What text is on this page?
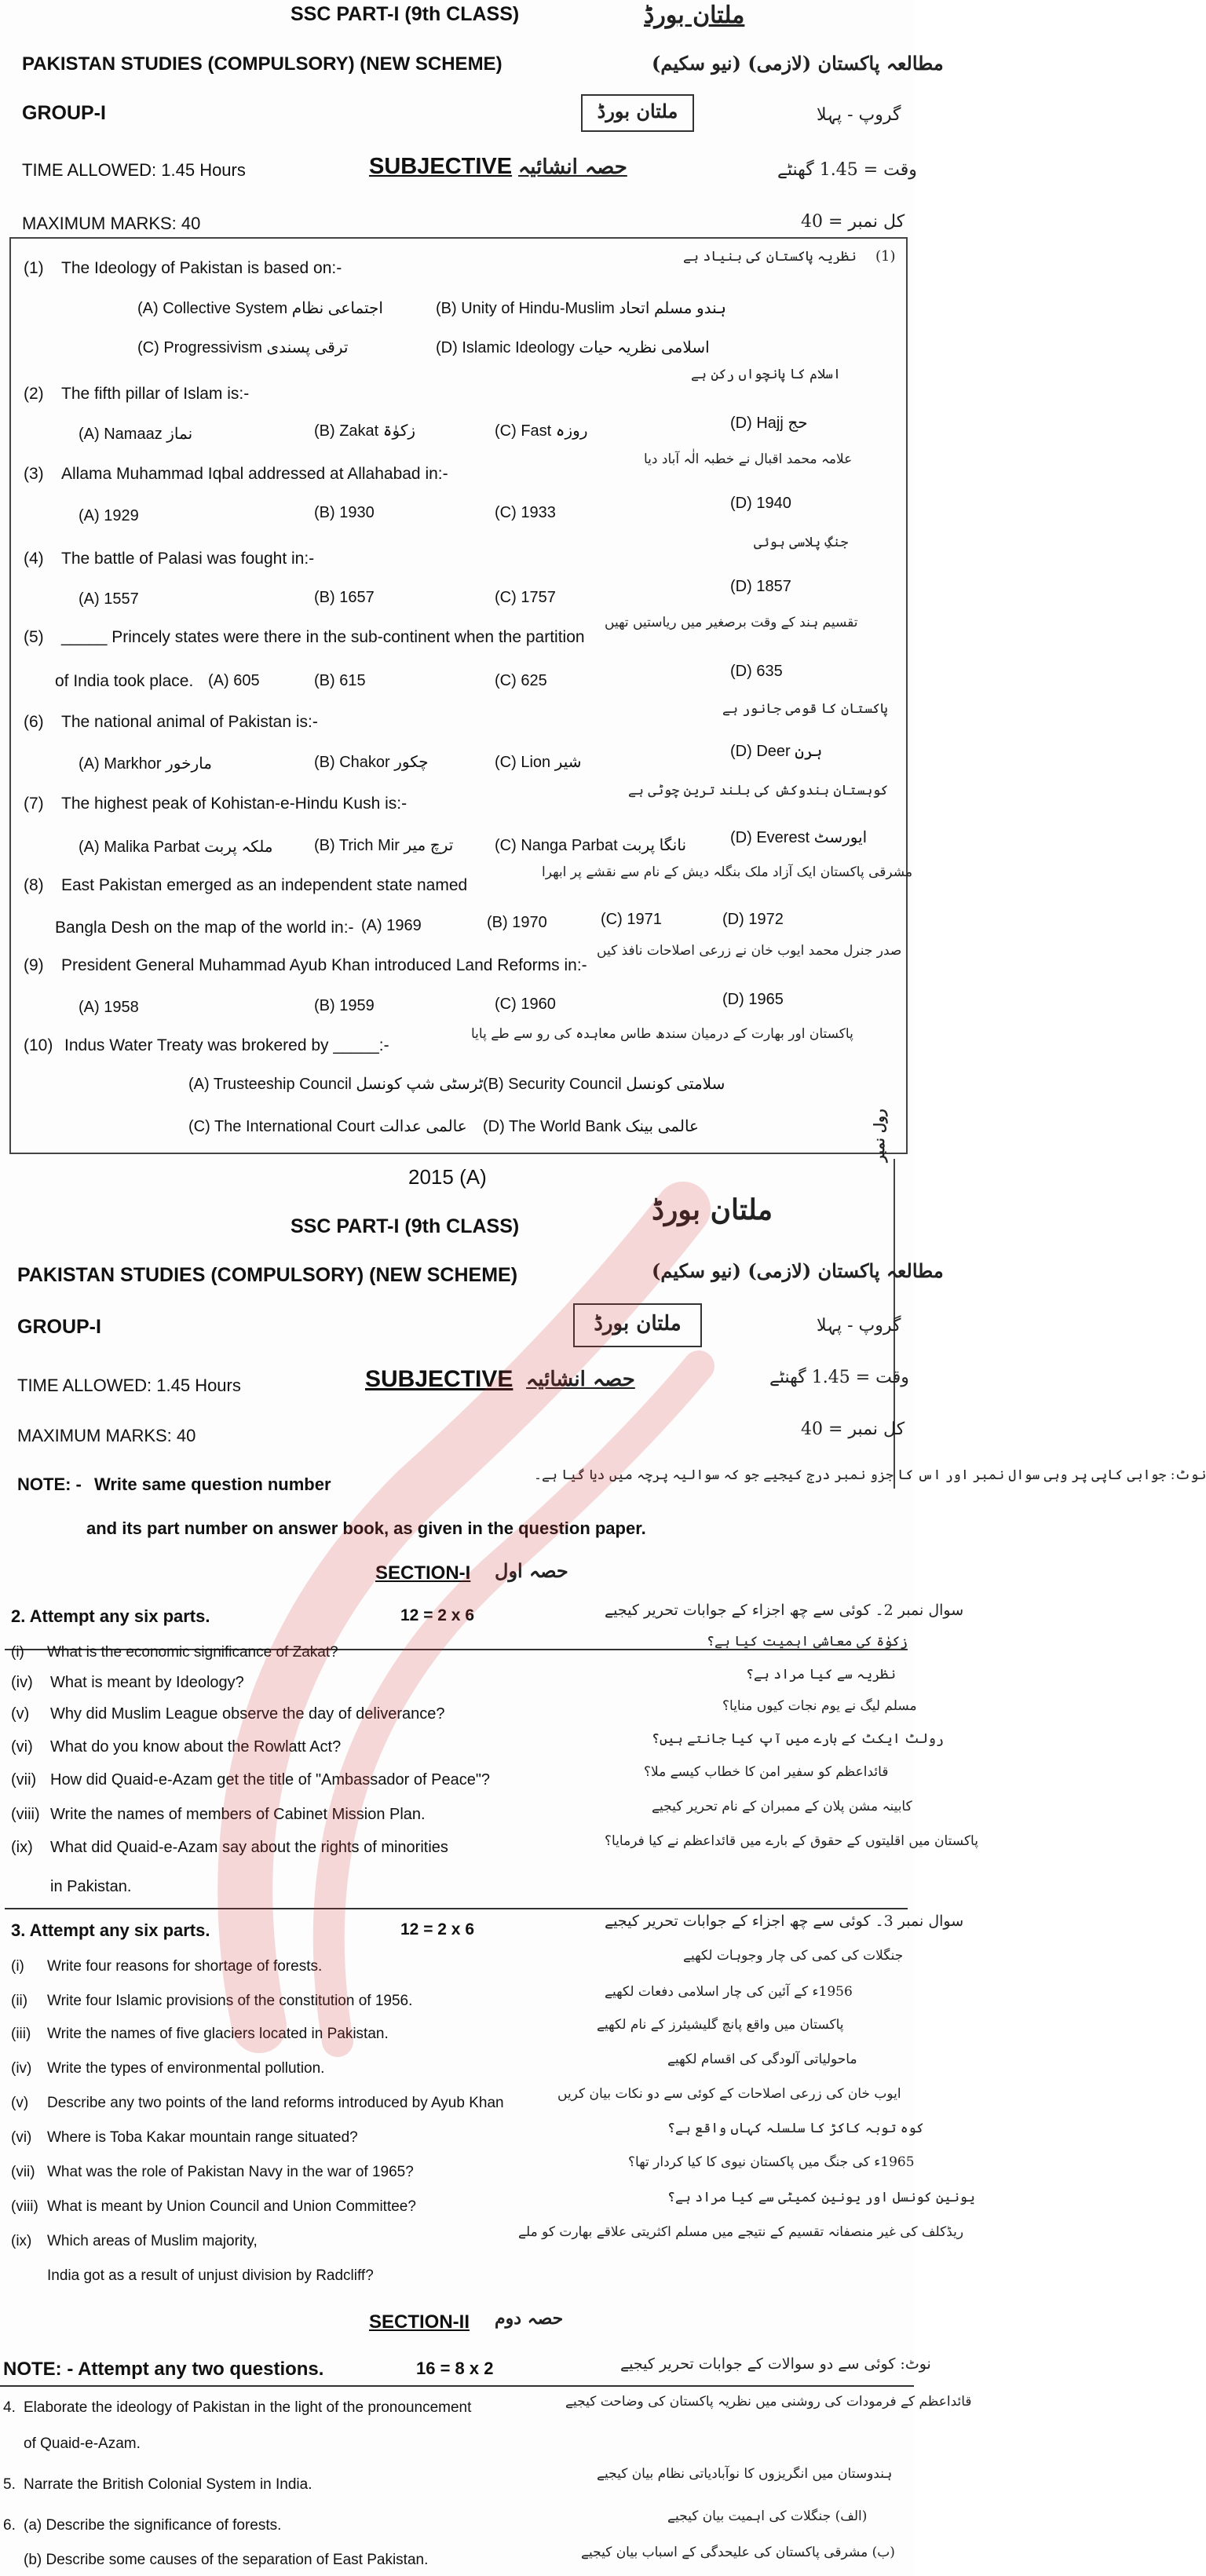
SSC PART-I (9th CLASS)	ملتان بورڈ
PAKISTAN STUDIES (COMPULSORY) (NEW SCHEME)	مطالعہ پاکستان (لازمی) (نیو سکیم)
GROUP-I	ملتان بورڈ	گروپ - پہلا
TIME ALLOWED: 1.45 Hours	SUBJECTIVE حصہ انشائیہ	وقت = 1.45 گھنٹے
MAXIMUM MARKS: 40	کل نمبر = 40
(1) The Ideology of Pakistan is based on:-
نظریہ پاکستان کی بنیاد ہے (1)
(A) Collective System اجتماعی نظام	(B) Unity of Hindu-Muslim ہندو مسلم اتحاد
(C) Progressivism ترقی پسندی	(D) Islamic Ideology اسلامی نظریہ حیات
(2) The fifth pillar of Islam is:-
اسلام کا پانچواں رکن ہے
(A) Namaaz نماز	(B) Zakat زکوٰۃ	(C) Fast روزہ	(D) Hajj حج
(3) Allama Muhammad Iqbal addressed at Allahabad in:-
علامہ محمد اقبال نے خطبہ الٰہ آباد دیا
(A) 1929	(B) 1930	(C) 1933
(D) 1940
(4) The battle of Palasi was fought in:-
جنگِ پلاسی ہوئی
(A) 1557	(B) 1657	(C) 1757
(D) 1857
(5) _____ Princely states were there in the sub-continent when the partition
تقسیم ہند کے وقت برصغیر میں ریاستیں تھیں
of India took place. (A) 605	(B) 615	(C) 625
(D) 635
(6) The national animal of Pakistan is:-
پاکستان کا قومی جانور ہے
(A) Markhor مارخور	(B) Chakor چکور	(C) Lion شیر
(D) Deer ہرن
(7) The highest peak of Kohistan-e-Hindu Kush is:-
کوہستان ہندوکش کی بلند ترین چوٹی ہے
(A) Malika Parbat ملکہ پربت	(B) Trich Mir ترچ میر	(C) Nanga Parbat نانگا پربت	(D) Everest ایورسٹ
(8) East Pakistan emerged as an independent state named
مشرقی پاکستان ایک آزاد ملک بنگلہ دیش کے نام سے نقشے پر ابھرا
Bangla Desh on the map of the world in:- (A) 1969	(B) 1970	(C) 1971	(D) 1972
(9) President General Muhammad Ayub Khan introduced Land Reforms in:-
صدر جنرل محمد ایوب خان نے زرعی اصلاحات نافذ کیں
(A) 1958	(B) 1959	(C) 1960	(D) 1965
(10) Indus Water Treaty was brokered by _____:-
پاکستان اور بھارت کے درمیان سندھ طاس معاہدہ کی رو سے طے پایا
(A) Trusteeship Council ٹرسٹی شپ کونسل (B) Security Council سلامتی کونسل
(C) The International Court عالمی عدالت (D) The World Bank عالمی بینک	رول نمبر
2015 (A)
SSC PART-I (9th CLASS)	ملتان بورڈ
PAKISTAN STUDIES (COMPULSORY) (NEW SCHEME)	مطالعہ پاکستان (لازمی) (نیو سکیم)
GROUP-I	ملتان بورڈ	گروپ - پہلا
TIME ALLOWED: 1.45 Hours	SUBJECTIVE حصہ انشائیہ	وقت = 1.45 گھنٹے
MAXIMUM MARKS: 40	کل نمبر = 40
NOTE: - Write same question number	نوٹ: جوابی کاپی پر وہی سوال نمبر اور اس کا جزو نمبر درج کیجیے جو کہ سوالیہ پرچہ میں دیا گیا ہے۔
and its part number on answer book, as given in the question paper.
SECTION-I حصہ اول
2. Attempt any six parts.	12 = 2 x 6	سوال نمبر 2۔ کوئی سے چھ اجزاء کے جوابات تحریر کیجیے
(i) What is the economic significance of Zakat?
زکوٰۃ کی معاشی اہمیت کیا ہے؟
(iv) What is meant by Ideology?	نظریہ سے کیا مراد ہے؟
(v) Why did Muslim League observe the day of deliverance?	مسلم لیگ نے یوم نجات کیوں منایا؟
(vi) What do you know about the Rowlatt Act?	رولٹ ایکٹ کے بارے میں آپ کیا جانتے ہیں؟
(vii) How did Quaid-e-Azam get the title of "Ambassador of Peace"?	قائداعظم کو سفیر امن کا خطاب کیسے ملا؟
(viii) Write the names of members of Cabinet Mission Plan.	کابینہ مشن پلان کے ممبران کے نام تحریر کیجیے
(ix) What did Quaid-e-Azam say about the rights of minorities
in Pakistan.
پاکستان میں اقلیتوں کے حقوق کے بارے میں قائداعظم نے کیا فرمایا؟
3. Attempt any six parts.	12 = 2 x 6	سوال نمبر 3۔ کوئی سے چھ اجزاء کے جوابات تحریر کیجیے
(i) Write four reasons for shortage of forests.
جنگلات کی کمی کی چار وجوہات لکھیے
(ii) Write four Islamic provisions of the constitution of 1956.
1956ء کے آئین کی چار اسلامی دفعات لکھیے
(iii) Write the names of five glaciers located in Pakistan.
پاکستان میں واقع پانچ گلیشیئرز کے نام لکھیے
(iv) Write the types of environmental pollution.
ماحولیاتی آلودگی کی اقسام لکھیے
(v) Describe any two points of the land reforms introduced by Ayub Khan
ایوب خان کی زرعی اصلاحات کے کوئی سے دو نکات بیان کریں
(vi) Where is Toba Kakar mountain range situated?
کوہ توبہ کاکڑ کا سلسلہ کہاں واقع ہے؟
(vii) What was the role of Pakistan Navy in the war of 1965?
1965ء کی جنگ میں پاکستان نیوی کا کیا کردار تھا؟
(viii) What is meant by Union Council and Union Committee?
یونین کونسل اور یونین کمیٹی سے کیا مراد ہے؟
(ix) Which areas of Muslim majority,
India got as a result of unjust division by Radcliff?
ریڈکلف کی غیر منصفانہ تقسیم کے نتیجے میں مسلم اکثریتی علاقے بھارت کو ملے
SECTION-II حصہ دوم
NOTE: - Attempt any two questions.	16 = 8 x 2	نوٹ: کوئی سے دو سوالات کے جوابات تحریر کیجیے
4. Elaborate the ideology of Pakistan in the light of the pronouncement
of Quaid-e-Azam.
قائداعظم کے فرمودات کی روشنی میں نظریہ پاکستان کی وضاحت کیجیے
5. Narrate the British Colonial System in India.
ہندوستان میں انگریزوں کا نوآبادیاتی نظام بیان کیجیے
6. (a) Describe the significance of forests.
(الف) جنگلات کی اہمیت بیان کیجیے
(b) Describe some causes of the separation of East Pakistan.	(ب) مشرقی پاکستان کی علیحدگی کے اسباب بیان کیجیے
